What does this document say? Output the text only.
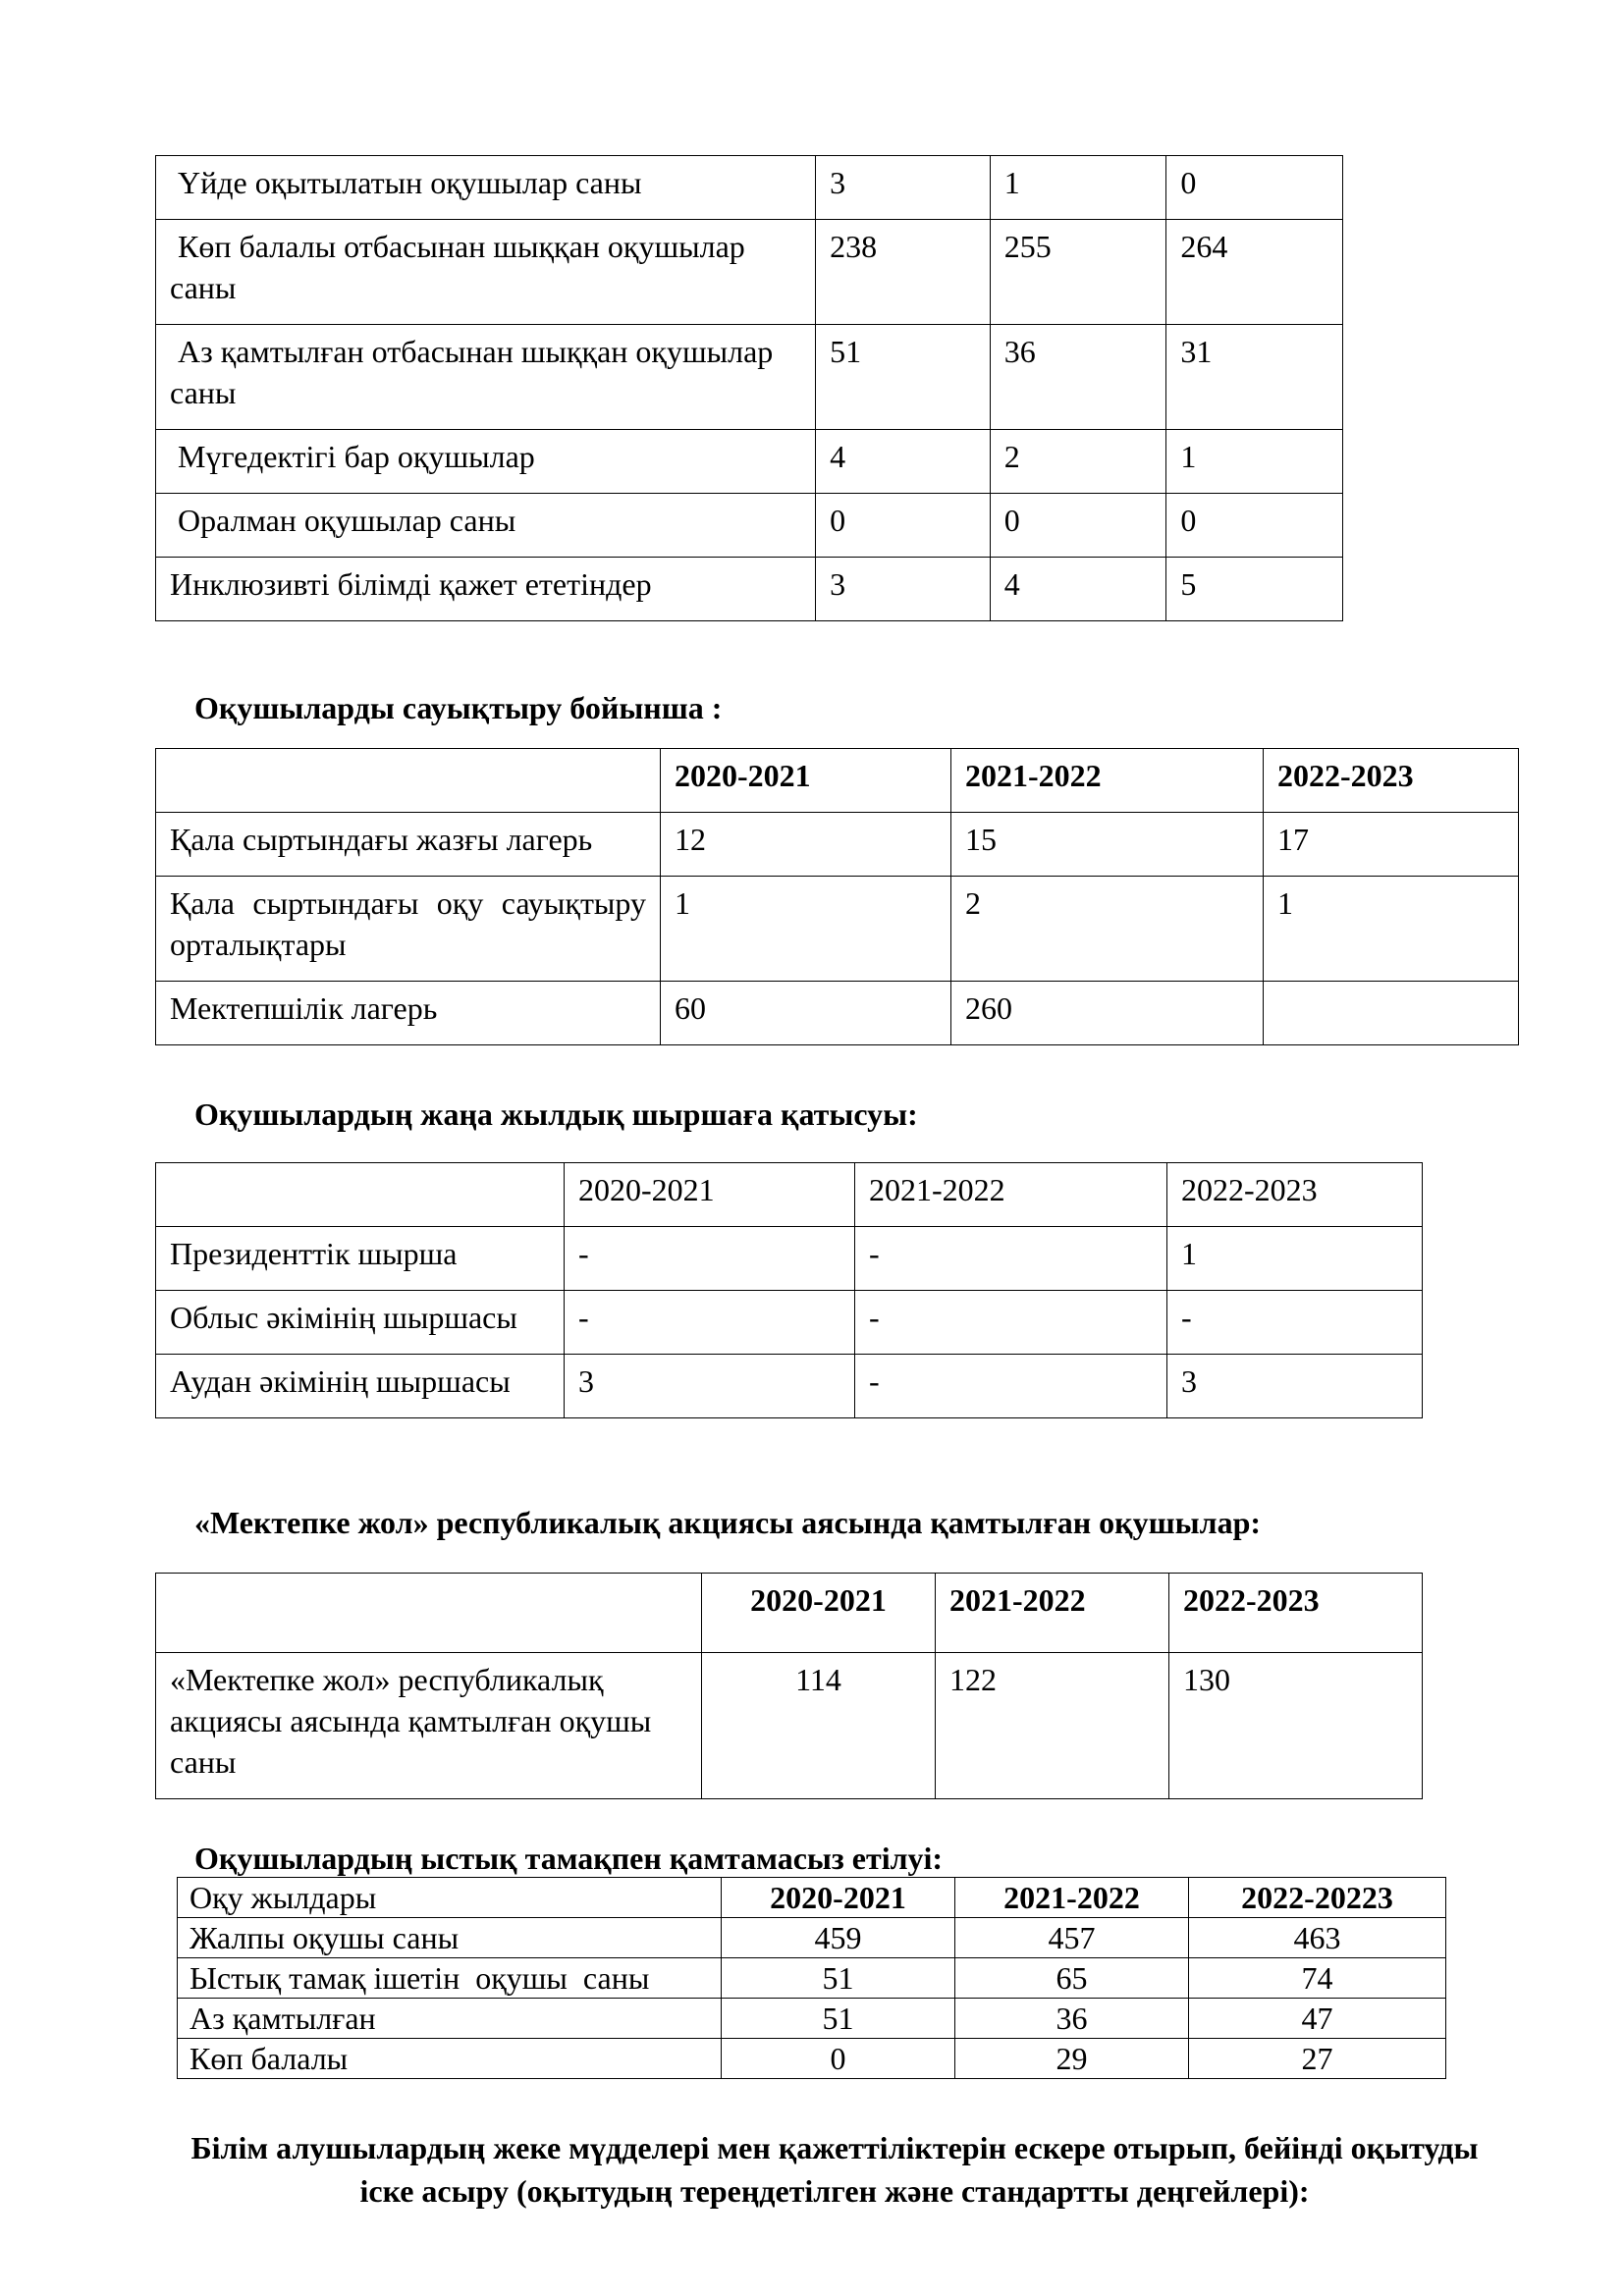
Үйде оқытылатын оқушылар саны	3	1	0
Көп балалы отбасынан шыққан оқушылар саны	238	255	264
Аз қамтылған отбасынан шыққан оқушылар саны	51	36	31
Мүгедектігі бар оқушылар	4	2	1
Оралман оқушылар саны	0	0	0
Инклюзивті білімді қажет ететіндер	3	4	5
Оқушыларды сауықтыру бойынша :
	2020-2021	2021-2022	2022-2023
Қала сыртындағы жазғы лагерь	12	15	17
Қала сыртындағы оқу сауықтыру орталықтары	1	2	1
Мектепшілік лагерь	60	260	
Оқушылардың жаңа жылдық шыршаға қатысуы:
	2020-2021	2021-2022	2022-2023
Президенттік шырша	-	-	1
Облыс әкімінің шыршасы	-	-	-
Аудан әкімінің шыршасы	3	-	3
«Мектепке жол» республикалық акциясы аясында қамтылған оқушылар:
	2020-2021	2021-2022	2022-2023
«Мектепке жол» республикалық акциясы аясында қамтылған оқушы саны	114	122	130
Оқушылардың ыстық тамақпен қамтамасыз етілуі:
Оқу жылдары	2020-2021	2021-2022	2022-20223
Жалпы оқушы саны	459	457	463
Ыстық тамақ ішетін  оқушы  саны	51	65	74
Аз қамтылған	51	36	47
Көп балалы	0	29	27
Білім алушылардың жеке мүдделері мен қажеттіліктерін ескере отырып, бейінді оқытуды іске асыру (оқытудың тереңдетілген және стандартты деңгейлері):
